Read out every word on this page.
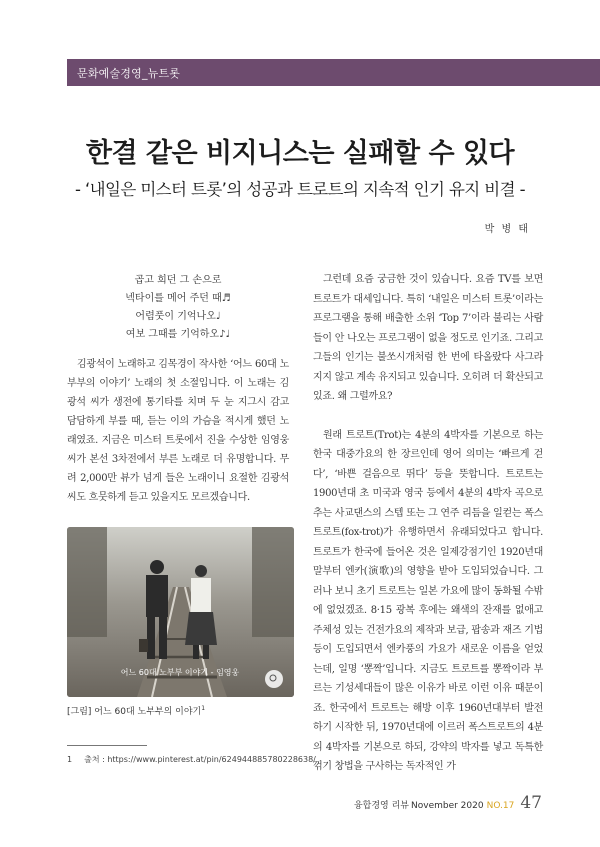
문화예술경영_뉴트롯
한결 같은 비지니스는 실패할 수 있다
- ‘내일은 미스터 트롯’의 성공과 트로트의 지속적 인기 유지 비결 -
박 병 태
곱고 희던 그 손으로
넥타이를 메어 주던 때♬
어렴풋이 기억나오♩
여보 그때를 기억하오♪♩

김광석이 노래하고 김목경이 작사한 ‘어느 60대 노부부의 이야기’ 노래의 첫 소절입니다. 이 노래는 김광석 씨가 생전에 통기타를 치며 두 눈 지그시 감고 담담하게 부를 때, 듣는 이의 가슴을 적시게 했던 노래였죠. 지금은 미스터 트롯에서 진을 수상한 임영웅 씨가 본선 3차전에서 부른 노래로 더 유명합니다. 무려 2,000만 뷰가 넘게 들은 노래이니 요절한 김광석 씨도 흐뭇하게 듣고 있을지도 모르겠습니다.

어느 60대 노부부 이야기 - 임영웅
[그림] 어느 60대 노부부의 이야기$^1$

그런데 요즘 궁금한 것이 있습니다. 요즘 TV를 보면 트로트가 대세입니다. 특히 ‘내일은 미스터 트롯’이라는 프로그램을 통해 배출한 소위 ‘Top 7’이라 불리는 사람들이 안 나오는 프로그램이 없을 정도로 인기죠. 그리고 그들의 인기는 불쏘시개처럼 한 번에 타올랐다 사그라지지 않고 계속 유지되고 있습니다. 오히려 더 확산되고 있죠. 왜 그럴까요?

원래 트로트(Trot)는 4분의 4박자를 기본으로 하는 한국 대중가요의 한 장르인데 영어 의미는 ‘빠르게 걷다’, ‘바쁜 걸음으로 뛰다’ 등을 뜻합니다. 트로트는 1900년대 초 미국과 영국 등에서 4분의 4박자 곡으로 추는 사교댄스의 스텝 또는 그 연주 리듬을 일컫는 폭스트로트(fox-trot)가 유행하면서 유래되었다고 합니다. 트로트가 한국에 들어온 것은 일제강점기인 1920년대 말부터 엔카(演歌)의 영향을 받아 도입되었습니다. 그러나 보니 초기 트로트는 일본 가요에 많이 동화될 수밖에 없었겠죠. 8·15 광복 후에는 왜색의 잔재를 없애고 주체성 있는 건전가요의 제작과 보급, 팝송과 재즈 기법 등이 도입되면서 엔카풍의 가요가 새로운 이름을 얻었는데, 일명 ‘뽕짝’입니다. 지금도 트로트를 뽕짝이라 부르는 기성세대들이 많은 이유가 바로 이런 이유 때문이죠. 한국에서 트로트는 해방 이후 1960년대부터 발전하기 시작한 뒤, 1970년대에 이르러 폭스트로트의 4분의 4박자를 기본으로 하되, 강약의 박자를 넣고 독특한 꺾기 창법을 구사하는 독자적인 가

1 출처 : https://www.pinterest.at/pin/624944885780228638/
융합경영 리뷰 November 2020 NO.17 47
